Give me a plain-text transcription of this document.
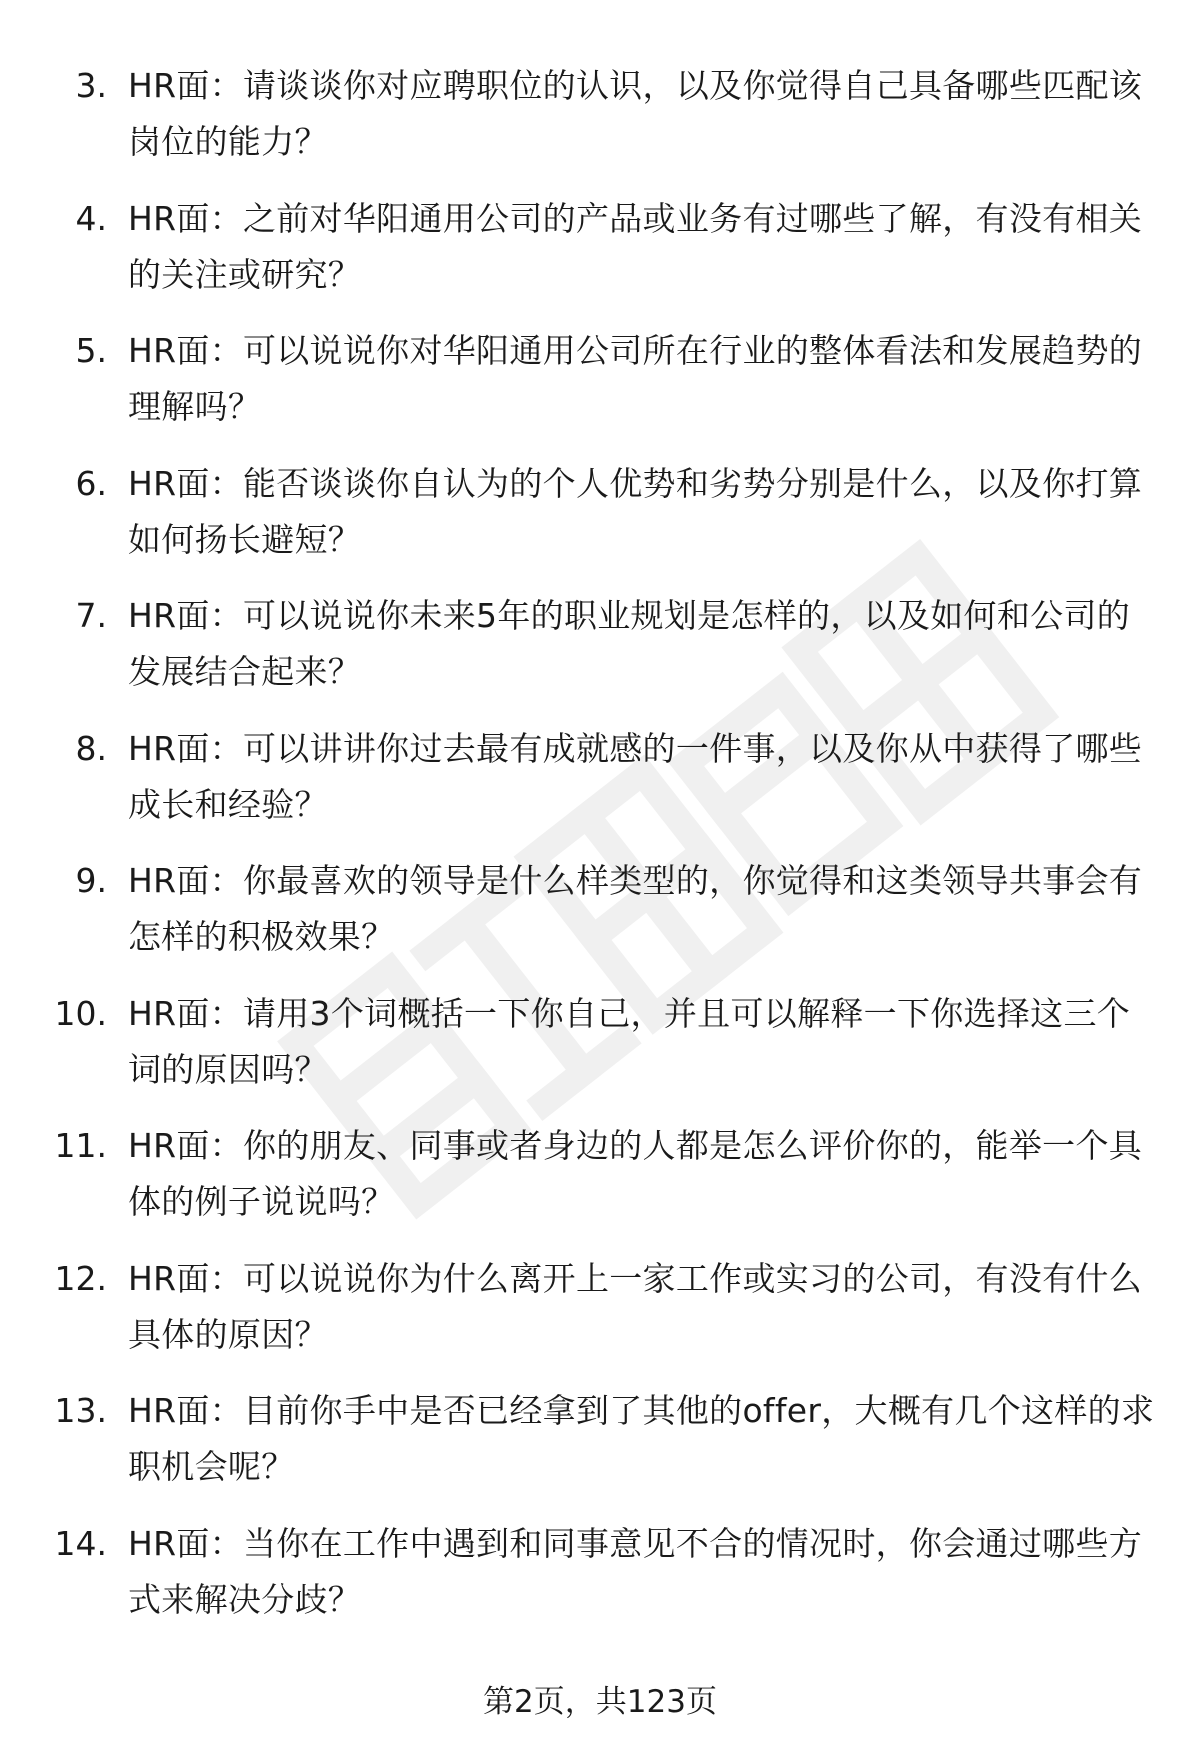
3. HR面：请谈谈你对应聘职位的认识，以及你觉得自己具备哪些匹配该岗位的能力？
4. HR面：之前对华阳通用公司的产品或业务有过哪些了解，有没有相关的关注或研究？
5. HR面：可以说说你对华阳通用公司所在行业的整体看法和发展趋势的理解吗？
6. HR面：能否谈谈你自认为的个人优势和劣势分别是什么，以及你打算如何扬长避短？
7. HR面：可以说说你未来5年的职业规划是怎样的，以及如何和公司的发展结合起来？
8. HR面：可以讲讲你过去最有成就感的一件事，以及你从中获得了哪些成长和经验？
9. HR面：你最喜欢的领导是什么样类型的，你觉得和这类领导共事会有怎样的积极效果？
10. HR面：请用3个词概括一下你自己，并且可以解释一下你选择这三个词的原因吗？
11. HR面：你的朋友、同事或者身边的人都是怎么评价你的，能举一个具体的例子说说吗？
12. HR面：可以说说你为什么离开上一家工作或实习的公司，有没有什么具体的原因？
13. HR面：目前你手中是否已经拿到了其他的offer，大概有几个这样的求职机会呢？
14. HR面：当你在工作中遇到和同事意见不合的情况时，你会通过哪些方式来解决分歧？
第2页，共123页
